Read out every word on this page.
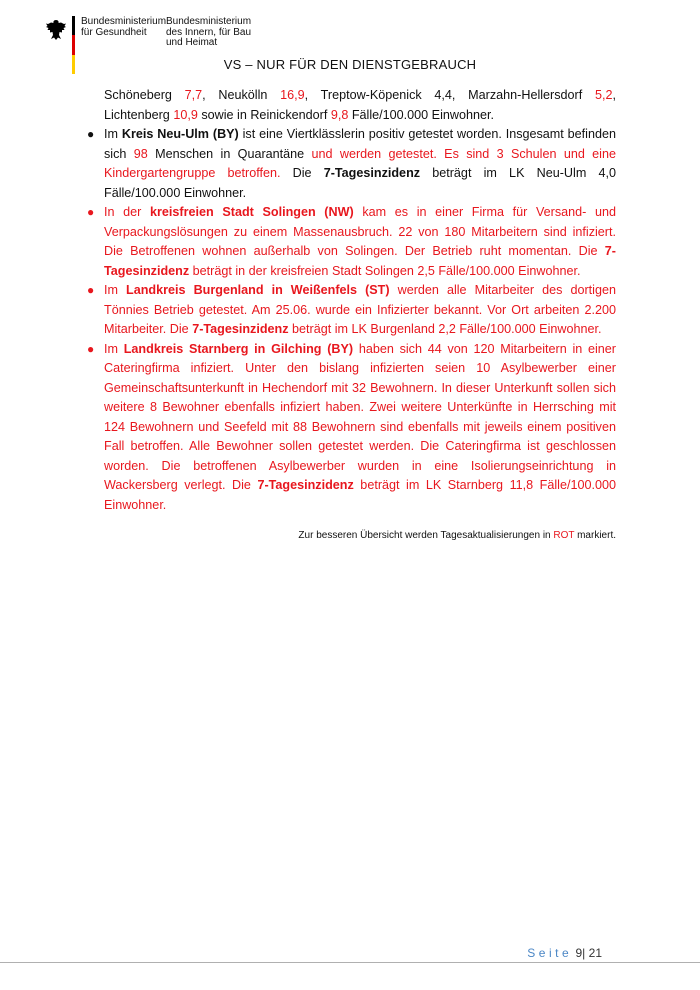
Bundesministerium
für Gesundheit
Bundesministerium
des Innern, für Bau
und Heimat
VS – NUR FÜR DEN DIENSTGEBRAUCH

Schöneberg 7,7, Neukölln 16,9, Treptow-Köpenick 4,4, Marzahn-Hellersdorf 5,2, Lichtenberg 10,9 sowie in Reinickendorf 9,8 Fälle/100.000 Einwohner.

● Im Kreis Neu-Ulm (BY) ist eine Viertklässlerin positiv getestet worden. Insgesamt befinden sich 98 Menschen in Quarantäne und werden getestet. Es sind 3 Schulen und eine Kindergartengruppe betroffen. Die 7-Tagesinzidenz beträgt im LK Neu-Ulm 4,0 Fälle/100.000 Einwohner.

● In der kreisfreien Stadt Solingen (NW) kam es in einer Firma für Versand- und Verpackungslösungen zu einem Massenausbruch. 22 von 180 Mitarbeitern sind infiziert. Die Betroffenen wohnen außerhalb von Solingen. Der Betrieb ruht momentan. Die 7-Tagesinzidenz beträgt in der kreisfreien Stadt Solingen 2,5 Fälle/100.000 Einwohner.

● Im Landkreis Burgenland in Weißenfels (ST) werden alle Mitarbeiter des dortigen Tönnies Betrieb getestet. Am 25.06. wurde ein Infizierter bekannt. Vor Ort arbeiten 2.200 Mitarbeiter. Die 7-Tagesinzidenz beträgt im LK Burgenland 2,2 Fälle/100.000 Einwohner.

● Im Landkreis Starnberg in Gilching (BY) haben sich 44 von 120 Mitarbeitern in einer Cateringfirma infiziert. Unter den bislang infizierten seien 10 Asylbewerber einer Gemeinschaftsunterkunft in Hechendorf mit 32 Bewohnern. In dieser Unterkunft sollen sich weitere 8 Bewohner ebenfalls infiziert haben. Zwei weitere Unterkünfte in Herrsching mit 124 Bewohnern und Seefeld mit 88 Bewohnern sind ebenfalls mit jeweils einem positiven Fall betroffen. Alle Bewohner sollen getestet werden. Die Cateringfirma ist geschlossen worden. Die betroffenen Asylbewerber wurden in eine Isolierungseinrichtung in Wackersberg verlegt. Die 7-Tagesinzidenz beträgt im LK Starnberg 11,8 Fälle/100.000 Einwohner.

Zur besseren Übersicht werden Tagesaktualisierungen in ROT markiert.
Seite 9| 21
